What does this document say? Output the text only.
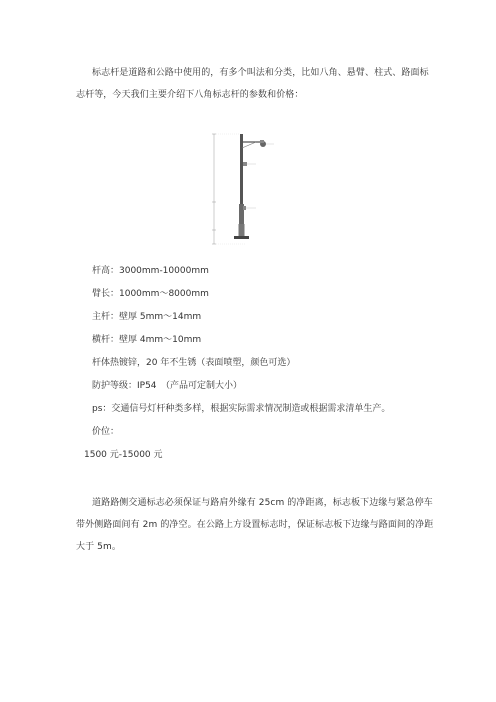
标志杆是道路和公路中使用的，有多个叫法和分类，比如八角、悬臂、柱式、路面标志杆等，今天我们主要介绍下八角标志杆的参数和价格：

杆高：3000mm-10000mm

臂长：1000mm～8000mm

主杆：壁厚 5mm～14mm

横杆：壁厚 4mm～10mm

杆体热镀锌，20 年不生锈（表面喷塑，颜色可选）

防护等级：IP54　（产品可定制大小）

ps：交通信号灯杆种类多样，根据实际需求情况制造或根据需求清单生产。

价位：

1500 元-15000 元

道路路侧交通标志必须保证与路肩外缘有 25cm 的净距离，标志板下边缘与紧急停车带外侧路面间有 2m 的净空。在公路上方设置标志时，保证标志板下边缘与路面间的净距大于 5m。
